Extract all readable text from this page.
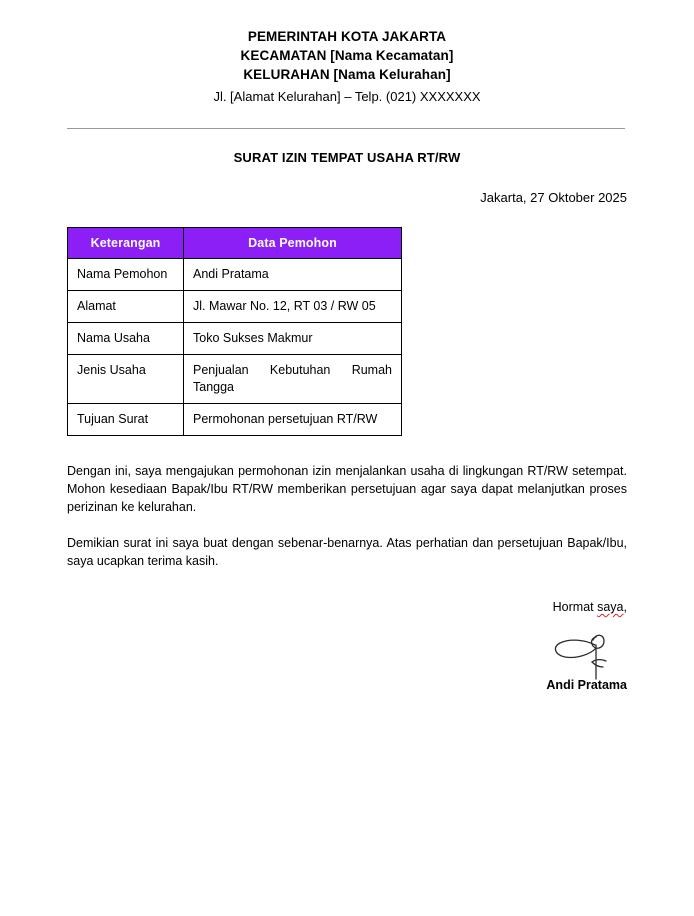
PEMERINTAH KOTA JAKARTA
KECAMATAN [Nama Kecamatan]
KELURAHAN [Nama Kelurahan]
Jl. [Alamat Kelurahan] – Telp. (021) XXXXXXX
SURAT IZIN TEMPAT USAHA RT/RW
Jakarta, 27 Oktober 2025
Keterangan	Data Pemohon
Nama Pemohon	Andi Pratama
Alamat	Jl. Mawar No. 12, RT 03 / RW 05
Nama Usaha	Toko Sukses Makmur
Jenis Usaha	Penjualan Kebutuhan Rumah Tangga
Tujuan Surat	Permohonan persetujuan RT/RW

Dengan ini, saya mengajukan permohonan izin menjalankan usaha di lingkungan RT/RW setempat. Mohon kesediaan Bapak/Ibu RT/RW memberikan persetujuan agar saya dapat melanjutkan proses perizinan ke kelurahan.

Demikian surat ini saya buat dengan sebenar-benarnya. Atas perhatian dan persetujuan Bapak/Ibu, saya ucapkan terima kasih.

Hormat saya,
Andi Pratama
